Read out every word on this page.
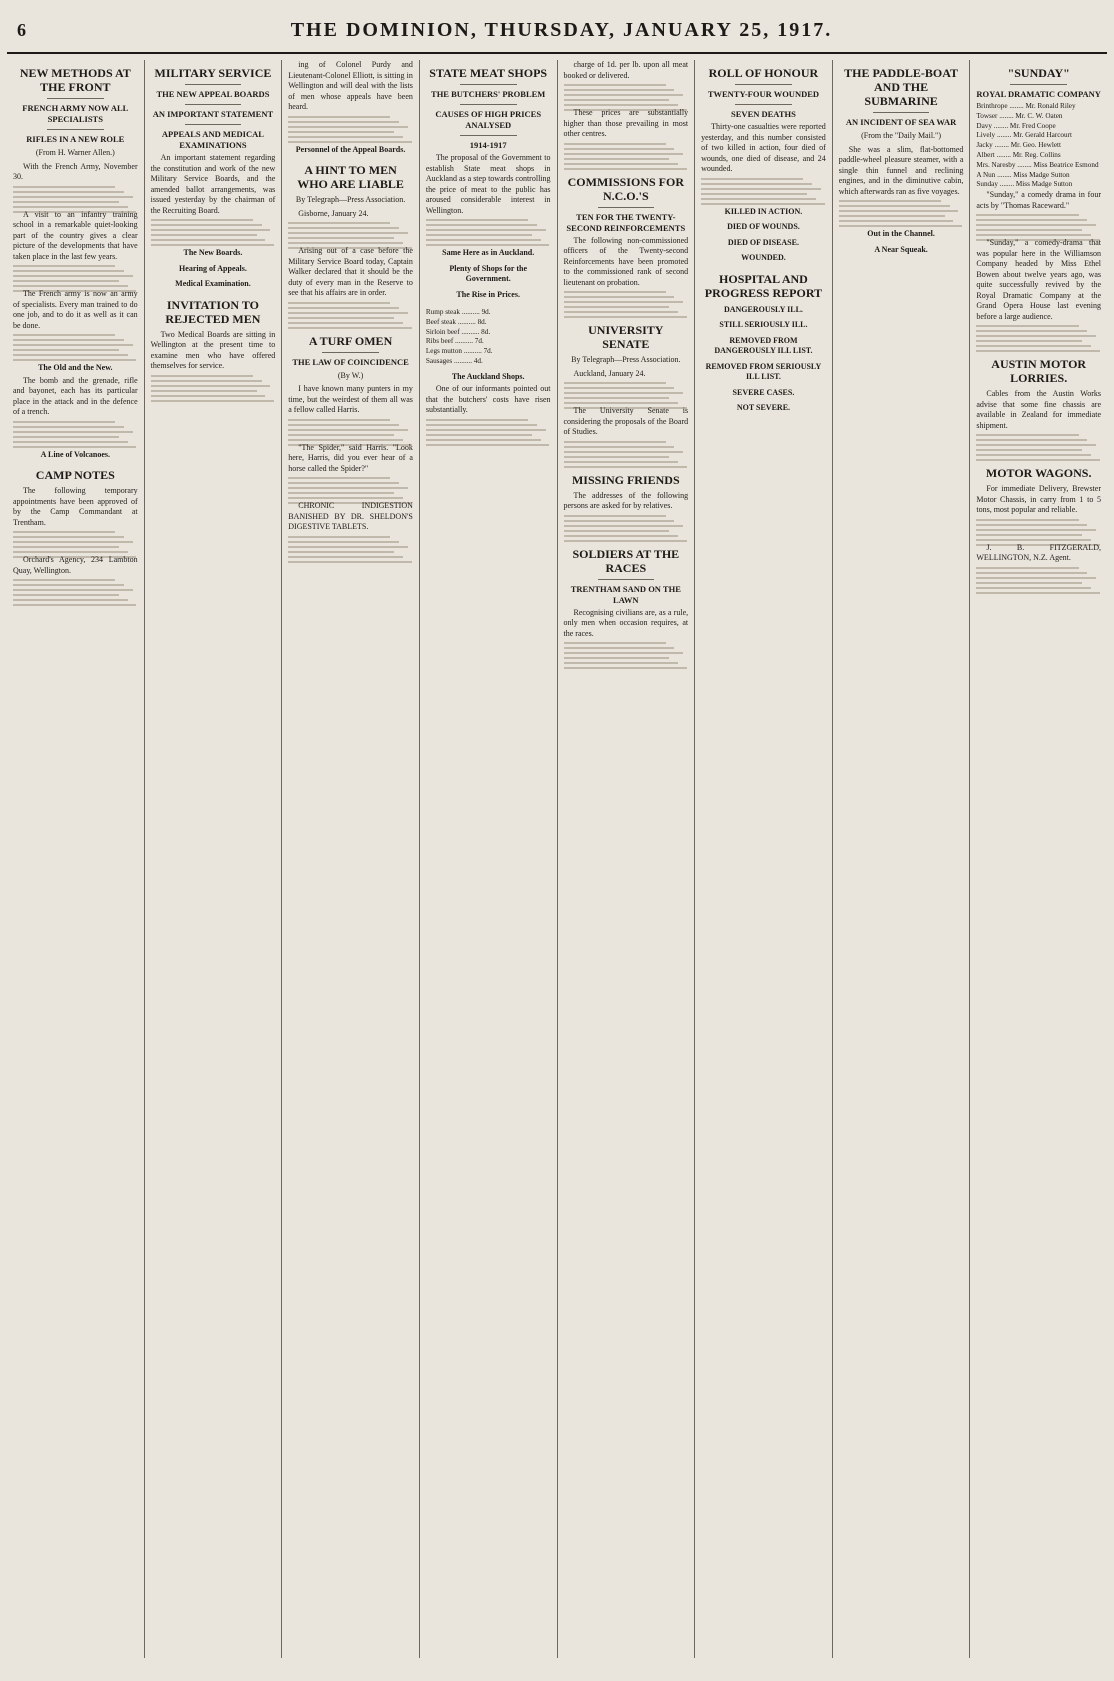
6	THE DOMINION, THURSDAY, JANUARY 25, 1917.
NEW METHODS AT THE FRONT
FRENCH ARMY NOW ALL SPECIALISTS
RIFLES IN A NEW ROLE
(From H. Warner Allen.)
With the French Army, November 30.
A visit to an infantry training school in a remarkable quiet-looking part of the country gives a clear picture of the developments that have taken place in the last few years.
The French army is now an army of specialists. Every man trained to do one job, and to do it as well as it can be done.
The Old and the New.
The bomb and the grenade, rifle and bayonet, each has its particular place in the attack and in the defence of a trench.
A Line of Volcanoes.
CAMP NOTES
The following temporary appointments have been approved of by the Camp Commandant at Trentham.
Orchard's Agency, 234 Lambton Quay, Wellington.
MILITARY SERVICE
THE NEW APPEAL BOARDS
AN IMPORTANT STATEMENT
APPEALS AND MEDICAL EXAMINATIONS
An important statement regarding the constitution and work of the new Military Service Boards, and the amended ballot arrangements, was issued yesterday by the chairman of the Recruiting Board.
The New Boards.
Hearing of Appeals.
Medical Examination.
INVITATION TO REJECTED MEN
Two Medical Boards are sitting in Wellington at the present time to examine men who have offered themselves for service.
ing of Colonel Purdy and Lieutenant-Colonel Elliott, is sitting in Wellington and will deal with the lists of men whose appeals have been heard.
Personnel of the Appeal Boards.
A HINT TO MEN WHO ARE LIABLE
By Telegraph—Press Association.
Gisborne, January 24.
Arising out of a case before the Military Service Board today, Captain Walker declared that it should be the duty of every man in the Reserve to see that his affairs are in order.
A TURF OMEN
THE LAW OF COINCIDENCE
(By W.)
I have known many punters in my time, but the weirdest of them all was a fellow called Harris.
"The Spider," said Harris. "Look here, Harris, did you ever hear of a horse called the Spider?"
CHRONIC INDIGESTION BANISHED BY DR. SHELDON'S DIGESTIVE TABLETS.
STATE MEAT SHOPS
THE BUTCHERS' PROBLEM
CAUSES OF HIGH PRICES ANALYSED
1914-1917
The proposal of the Government to establish State meat shops in Auckland as a step towards controlling the price of meat to the public has aroused considerable interest in Wellington.
Same Here as in Auckland.
Plenty of Shops for the Government.
The Rise in Prices.
Rump steak .......... 9d.
Beef steak .......... 8d.
Sirloin beef .......... 8d.
Ribs beef .......... 7d.
Legs mutton .......... 7d.
Sausages .......... 4d.
The Auckland Shops.
One of our informants pointed out that the butchers' costs have risen substantially.
charge of 1d. per lb. upon all meat booked or delivered.
These prices are substantially higher than those prevailing in most other centres.
COMMISSIONS FOR N.C.O.'S
TEN FOR THE TWENTY-SECOND REINFORCEMENTS
The following non-commissioned officers of the Twenty-second Reinforcements have been promoted to the commissioned rank of second lieutenant on probation.
UNIVERSITY SENATE
By Telegraph—Press Association.
Auckland, January 24.
The University Senate is considering the proposals of the Board of Studies.
MISSING FRIENDS
The addresses of the following persons are asked for by relatives.
SOLDIERS AT THE RACES
TRENTHAM SAND ON THE LAWN
Recognising civilians are, as a rule, only men when occasion requires, at the races.
ROLL OF HONOUR
TWENTY-FOUR WOUNDED
SEVEN DEATHS
Thirty-one casualties were reported yesterday, and this number consisted of two killed in action, four died of wounds, one died of disease, and 24 wounded.
KILLED IN ACTION.
DIED OF WOUNDS.
DIED OF DISEASE.
WOUNDED.
HOSPITAL AND PROGRESS REPORT
DANGEROUSLY ILL.
STILL SERIOUSLY ILL.
REMOVED FROM DANGEROUSLY ILL LIST.
REMOVED FROM SERIOUSLY ILL LIST.
SEVERE CASES.
NOT SEVERE.
THE PADDLE-BOAT AND THE SUBMARINE
AN INCIDENT OF SEA WAR
(From the "Daily Mail.")
She was a slim, flat-bottomed paddle-wheel pleasure steamer, with a single thin funnel and reclining engines, and in the diminutive cabin, which afterwards ran as five voyages.
Out in the Channel.
A Near Squeak.
"SUNDAY"
ROYAL DRAMATIC COMPANY
Brinthrope ........ Mr. Ronald Riley
Towser ........ Mr. C. W. Oaten
Davy ........ Mr. Fred Coope
Lively ........ Mr. Gerald Harcourt
Jacky ........ Mr. Geo. Hewlett
Albert ........ Mr. Reg. Collins
Mrs. Naresby ........ Miss Beatrice Esmond
A Nun ........ Miss Madge Sutton
Sunday ........ Miss Madge Sutton
"Sunday," a comedy drama in four acts by "Thomas Raceward."
"Sunday," a comedy-drama that was popular here in the Williamson Company headed by Miss Ethel Bowen about twelve years ago, was quite successfully revived by the Royal Dramatic Company at the Grand Opera House last evening before a large audience.
AUSTIN MOTOR LORRIES.
Cables from the Austin Works advise that some fine chassis are available in Zealand for immediate shipment.
MOTOR WAGONS.
For immediate Delivery, Brewster Motor Chassis, in carry from 1 to 5 tons, most popular and reliable.
J. B. FITZGERALD, WELLINGTON, N.Z. Agent.
